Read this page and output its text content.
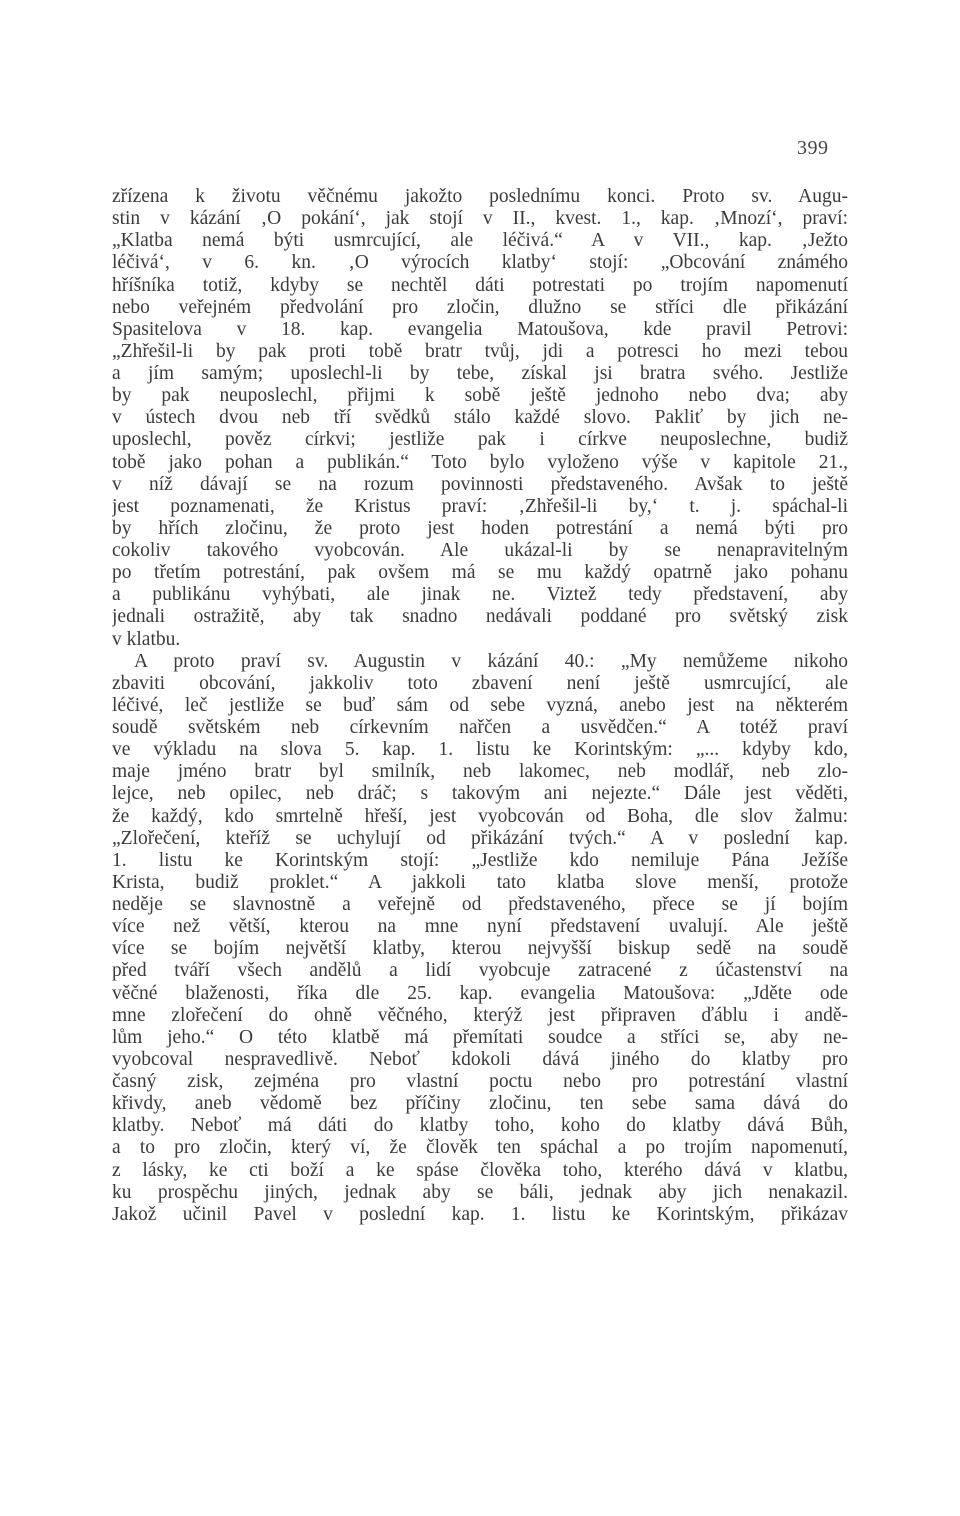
399
zřízena k životu věčnému jakožto poslednímu konci. Proto sv. Augu-
stin v kázání ‚O pokání‘, jak stojí v II., kvest. 1., kap. ‚Mnozí‘, praví:
„Klatba nemá býti usmrcující, ale léčivá.“ A v VII., kap. ‚Ježto
léčivá‘, v 6. kn. ‚O výrocích klatby‘ stojí: „Obcování známého
hříšníka totiž, kdyby se nechtěl dáti potrestati po trojím napomenutí
nebo veřejném předvolání pro zločin, dlužno se stříci dle přikázání
Spasitelova v 18. kap. evangelia Matoušova, kde pravil Petrovi:
„Zhřešil-li by pak proti tobě bratr tvůj, jdi a potresci ho mezi tebou
a jím samým; uposlechl-li by tebe, získal jsi bratra svého. Jestliže
by pak neuposlechl, přijmi k sobě ještě jednoho nebo dva; aby
v ústech dvou neb tří svědků stálo každé slovo. Pakliť by jich ne-
uposlechl, pověz církvi; jestliže pak i církve neuposlechne, budiž
tobě jako pohan a publikán.“ Toto bylo vyloženo výše v kapitole 21.,
v níž dávají se na rozum povinnosti představeného. Avšak to ještě
jest poznamenati, že Kristus praví: ‚Zhřešil-li by,‘ t. j. spáchal-li
by hřích zločinu, že proto jest hoden potrestání a nemá býti pro
cokoliv takového vyobcován. Ale ukázal-li by se nenapravitelným
po třetím potrestání, pak ovšem má se mu každý opatrně jako pohanu
a publikánu vyhýbati, ale jinak ne. Viztež tedy představení, aby
jednali ostražitě, aby tak snadno nedávali poddané pro světský zisk
v klatbu.
A proto praví sv. Augustin v kázání 40.: „My nemůžeme nikoho
zbaviti obcování, jakkoliv toto zbavení není ještě usmrcující, ale
léčivé, leč jestliže se buď sám od sebe vyzná, anebo jest na některém
soudě světském neb církevním nařčen a usvědčen.“ A totéž praví
ve výkladu na slova 5. kap. 1. listu ke Korintským: „... kdyby kdo,
maje jméno bratr byl smilník, neb lakomec, neb modlář, neb zlo-
lejce, neb opilec, neb dráč; s takovým ani nejezte.“ Dále jest věděti,
že každý, kdo smrtelně hřeší, jest vyobcován od Boha, dle slov žalmu:
„Zlořečení, kteříž se uchylují od přikázání tvých.“ A v poslední kap.
1. listu ke Korintským stojí: „Jestliže kdo nemiluje Pána Ježíše
Krista, budiž proklet.“ A jakkoli tato klatba slove menší, protože
neděje se slavnostně a veřejně od představeného, přece se jí bojím
více než větší, kterou na mne nyní představení uvalují. Ale ještě
více se bojím největší klatby, kterou nejvyšší biskup sedě na soudě
před tváří všech andělů a lidí vyobcuje zatracené z účastenství na
věčné blaženosti, říka dle 25. kap. evangelia Matoušova: „Jděte ode
mne zlořečení do ohně věčného, kterýž jest připraven ďáblu i andě-
lům jeho.“ O této klatbě má přemítati soudce a stříci se, aby ne-
vyobcoval nespravedlivě. Neboť kdokoli dává jiného do klatby pro
časný zisk, zejména pro vlastní poctu nebo pro potrestání vlastní
křivdy, aneb vědomě bez příčiny zločinu, ten sebe sama dává do
klatby. Neboť má dáti do klatby toho, koho do klatby dává Bůh,
a to pro zločin, který ví, že člověk ten spáchal a po trojím napomenutí,
z lásky, ke cti boží a ke spáse člověka toho, kterého dává v klatbu,
ku prospěchu jiných, jednak aby se báli, jednak aby jich nenakazil.
Jakož učinil Pavel v poslední kap. 1. listu ke Korintským, přikázav
